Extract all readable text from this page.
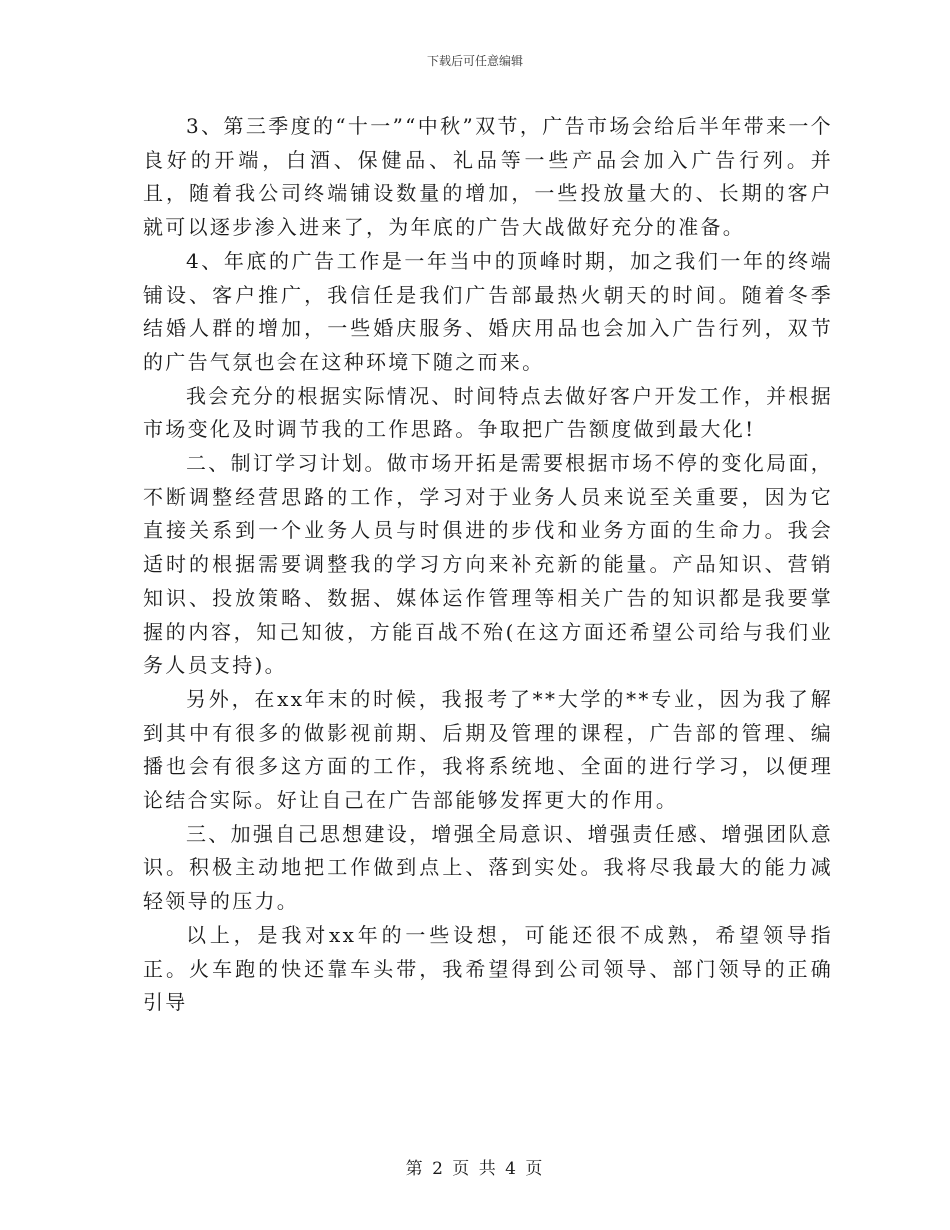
下载后可任意编辑

3、第三季度的“十一”“中秋”双节，广告市场会给后半年带来一个良好的开端，白酒、保健品、礼品等一些产品会加入广告行列。并且，随着我公司终端铺设数量的增加，一些投放量大的、长期的客户就可以逐步渗入进来了，为年底的广告大战做好充分的准备。

4、年底的广告工作是一年当中的顶峰时期，加之我们一年的终端铺设、客户推广，我信任是我们广告部最热火朝天的时间。随着冬季结婚人群的增加，一些婚庆服务、婚庆用品也会加入广告行列，双节的广告气氛也会在这种环境下随之而来。

我会充分的根据实际情况、时间特点去做好客户开发工作，并根据市场变化及时调节我的工作思路。争取把广告额度做到最大化!

二、制订学习计划。做市场开拓是需要根据市场不停的变化局面，不断调整经营思路的工作，学习对于业务人员来说至关重要，因为它直接关系到一个业务人员与时俱进的步伐和业务方面的生命力。我会适时的根据需要调整我的学习方向来补充新的能量。产品知识、营销知识、投放策略、数据、媒体运作管理等相关广告的知识都是我要掌握的内容，知己知彼，方能百战不殆(在这方面还希望公司给与我们业务人员支持)。

另外，在xx年末的时候，我报考了**大学的**专业，因为我了解到其中有很多的做影视前期、后期及管理的课程，广告部的管理、编播也会有很多这方面的工作，我将系统地、全面的进行学习，以便理论结合实际。好让自己在广告部能够发挥更大的作用。

三、加强自己思想建设，增强全局意识、增强责任感、增强团队意识。积极主动地把工作做到点上、落到实处。我将尽我最大的能力减轻领导的压力。

以上，是我对xx年的一些设想，可能还很不成熟，希望领导指正。火车跑的快还靠车头带，我希望得到公司领导、部门领导的正确引导

第 2 页 共 4 页
